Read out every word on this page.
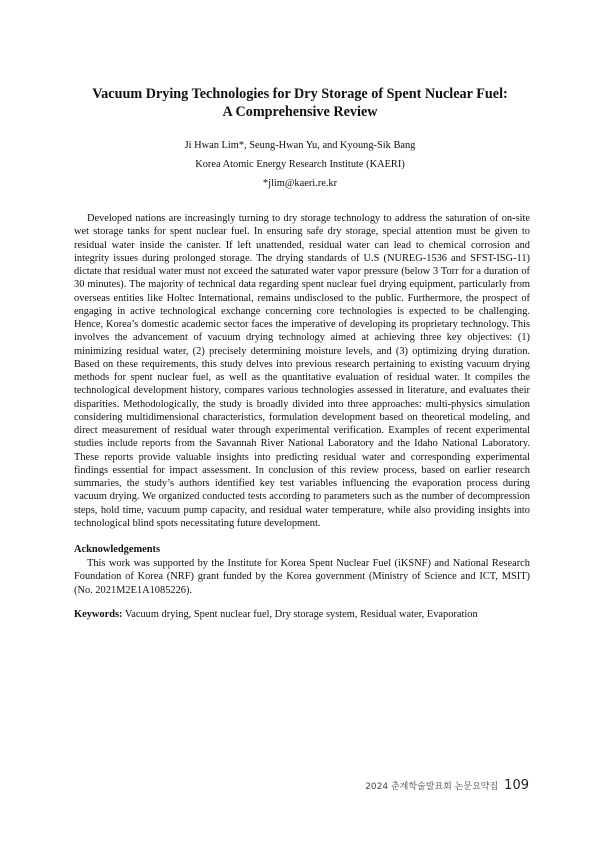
Vacuum Drying Technologies for Dry Storage of Spent Nuclear Fuel:
A Comprehensive Review
Ji Hwan Lim*, Seung-Hwan Yu, and Kyoung-Sik Bang
Korea Atomic Energy Research Institute (KAERI)
*jlim@kaeri.re.kr

Developed nations are increasingly turning to dry storage technology to address the saturation of on-site wet storage tanks for spent nuclear fuel. In ensuring safe dry storage, special attention must be given to residual water inside the canister. If left unattended, residual water can lead to chemical corrosion and integrity issues during prolonged storage. The drying standards of U.S (NUREG-1536 and SFST-ISG-11) dictate that residual water must not exceed the saturated water vapor pressure (below 3 Torr for a duration of 30 minutes). The majority of technical data regarding spent nuclear fuel drying equipment, particularly from overseas entities like Holtec International, remains undisclosed to the public. Furthermore, the prospect of engaging in active technological exchange concerning core technologies is expected to be challenging. Hence, Korea’s domestic academic sector faces the imperative of developing its proprietary technology. This involves the advancement of vacuum drying technology aimed at achieving three key objectives: (1) minimizing residual water, (2) precisely determining moisture levels, and (3) optimizing drying duration. Based on these requirements, this study delves into previous research pertaining to existing vacuum drying methods for spent nuclear fuel, as well as the quantitative evaluation of residual water. It compiles the technological development history, compares various technologies assessed in literature, and evaluates their disparities. Methodologically, the study is broadly divided into three approaches: multi-physics simulation considering multidimensional characteristics, formulation development based on theoretical modeling, and direct measurement of residual water through experimental verification. Examples of recent experimental studies include reports from the Savannah River National Laboratory and the Idaho National Laboratory. These reports provide valuable insights into predicting residual water and corresponding experimental findings essential for impact assessment. In conclusion of this review process, based on earlier research summaries, the study’s authors identified key test variables influencing the evaporation process during vacuum drying. We organized conducted tests according to parameters such as the number of decompression steps, hold time, vacuum pump capacity, and residual water temperature, while also providing insights into technological blind spots necessitating future development.

Acknowledgements

This work was supported by the Institute for Korea Spent Nuclear Fuel (iKSNF) and National Research Foundation of Korea (NRF) grant funded by the Korea government (Ministry of Science and ICT, MSIT) (No. 2021M2E1A1085226).

Keywords: Vacuum drying, Spent nuclear fuel, Dry storage system, Residual water, Evaporation
2024 춘계학술발표회 논문요약집 109
